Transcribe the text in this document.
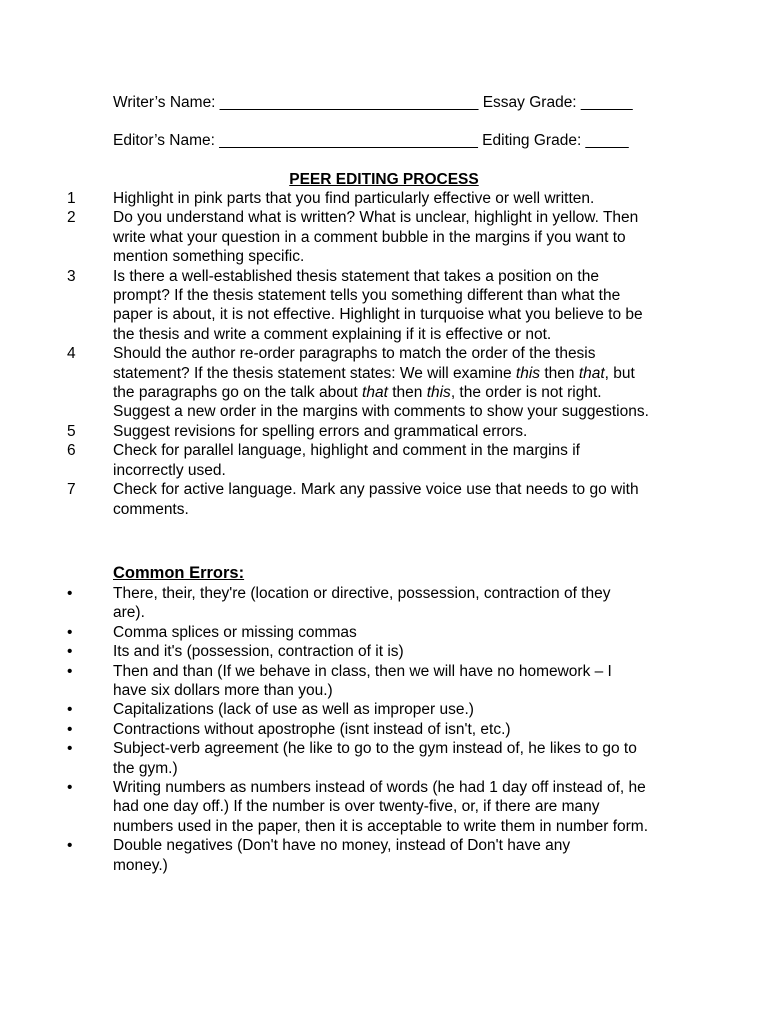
Writer’s Name: ______________________________ Essay Grade: ______
Editor’s Name: ______________________________ Editing Grade: _____
PEER EDITING PROCESS
1 Highlight in pink parts that you find particularly effective or well written.
2 Do you understand what is written? What is unclear, highlight in yellow. Then write what your question in a comment bubble in the margins if you want to mention something specific.
3 Is there a well-established thesis statement that takes a position on the prompt? If the thesis statement tells you something different than what the paper is about, it is not effective. Highlight in turquoise what you believe to be the thesis and write a comment explaining if it is effective or not.
4 Should the author re-order paragraphs to match the order of the thesis statement? If the thesis statement states: We will examine this then that, but the paragraphs go on the talk about that then this, the order is not right. Suggest a new order in the margins with comments to show your suggestions.
5 Suggest revisions for spelling errors and grammatical errors.
6 Check for parallel language, highlight and comment in the margins if incorrectly used.
7 Check for active language. Mark any passive voice use that needs to go with comments.
Common Errors:
•	There, their, they're (location or directive, possession, contraction of they are).
•	Comma splices or missing commas
•	Its and it's (possession, contraction of it is)
•	Then and than (If we behave in class, then we will have no homework – I have six dollars more than you.)
•	Capitalizations (lack of use as well as improper use.)
•	Contractions without apostrophe (isnt instead of isn't, etc.)
•	Subject-verb agreement (he like to go to the gym instead of, he likes to go to the gym.)
•	Writing numbers as numbers instead of words (he had 1 day off instead of, he had one day off.) If the number is over twenty-five, or, if there are many numbers used in the paper, then it is acceptable to write them in number form.
•	Double negatives (Don't have no money, instead of Don't have any money.)
